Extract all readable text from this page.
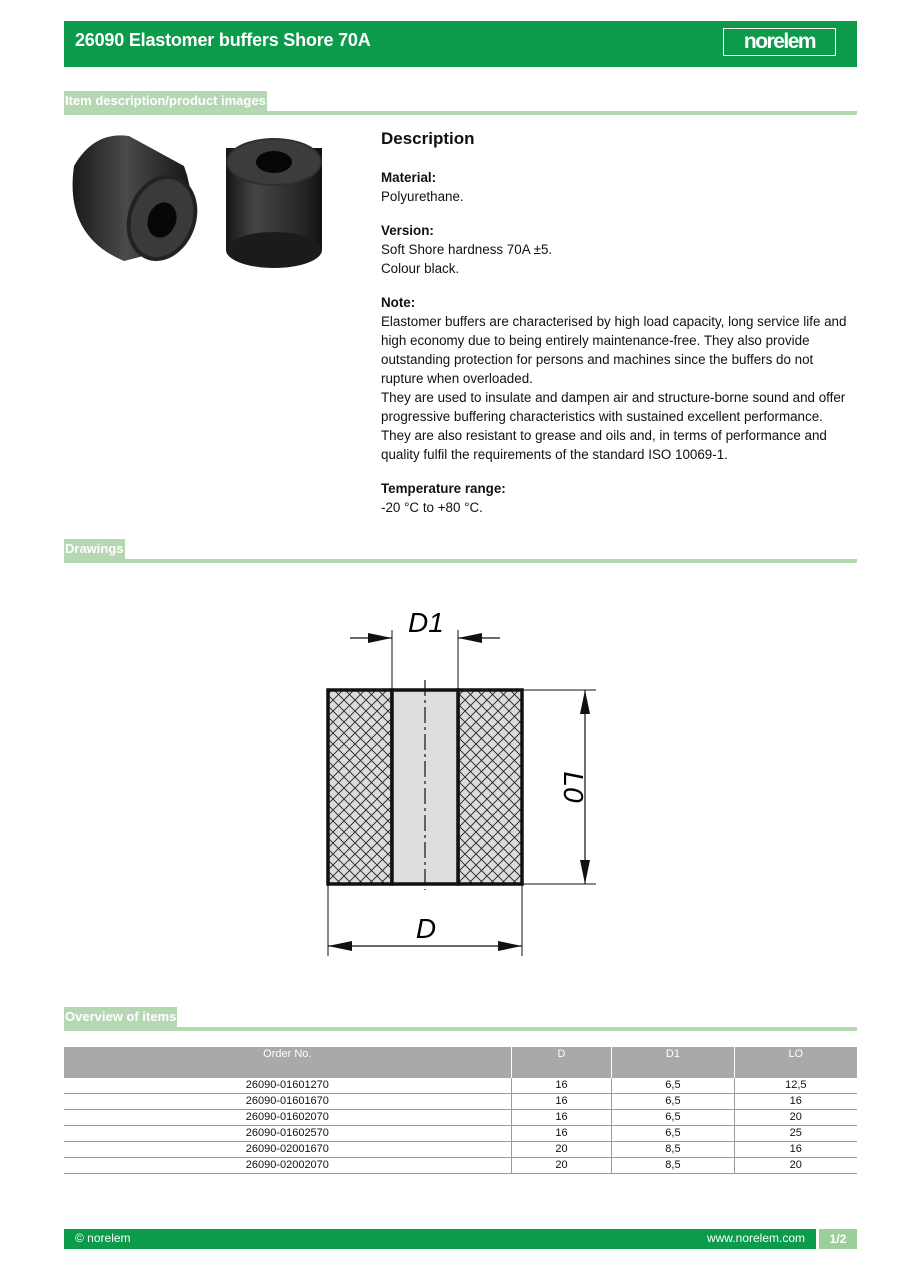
26090 Elastomer buffers Shore 70A	norelem
Item description/product images
Description

Material:

Polyurethane.

Version:

Soft Shore hardness 70A ±5.

Colour black.

Note:

Elastomer buffers are characterised by high load capacity, long service life and high economy due to being entirely maintenance-free. They also provide outstanding protection for persons and machines since the buffers do not rupture when overloaded.

They are used to insulate and dampen air and structure-borne sound and offer progressive buffering characteristics with sustained excellent performance.

They are also resistant to grease and oils and, in terms of performance and quality fulfil the requirements of the standard ISO 10069-1.

Temperature range:

-20 °C to +80 °C.

Drawings
D1
L0
D
Overview of items
Order No.	D	D1	LO
26090-01601270	16	6,5	12,5
26090-01601670	16	6,5	16
26090-01602070	16	6,5	20
26090-01602570	16	6,5	25
26090-02001670	20	8,5	16
26090-02002070	20	8,5	20
© norelem	www.norelem.com	1/2
